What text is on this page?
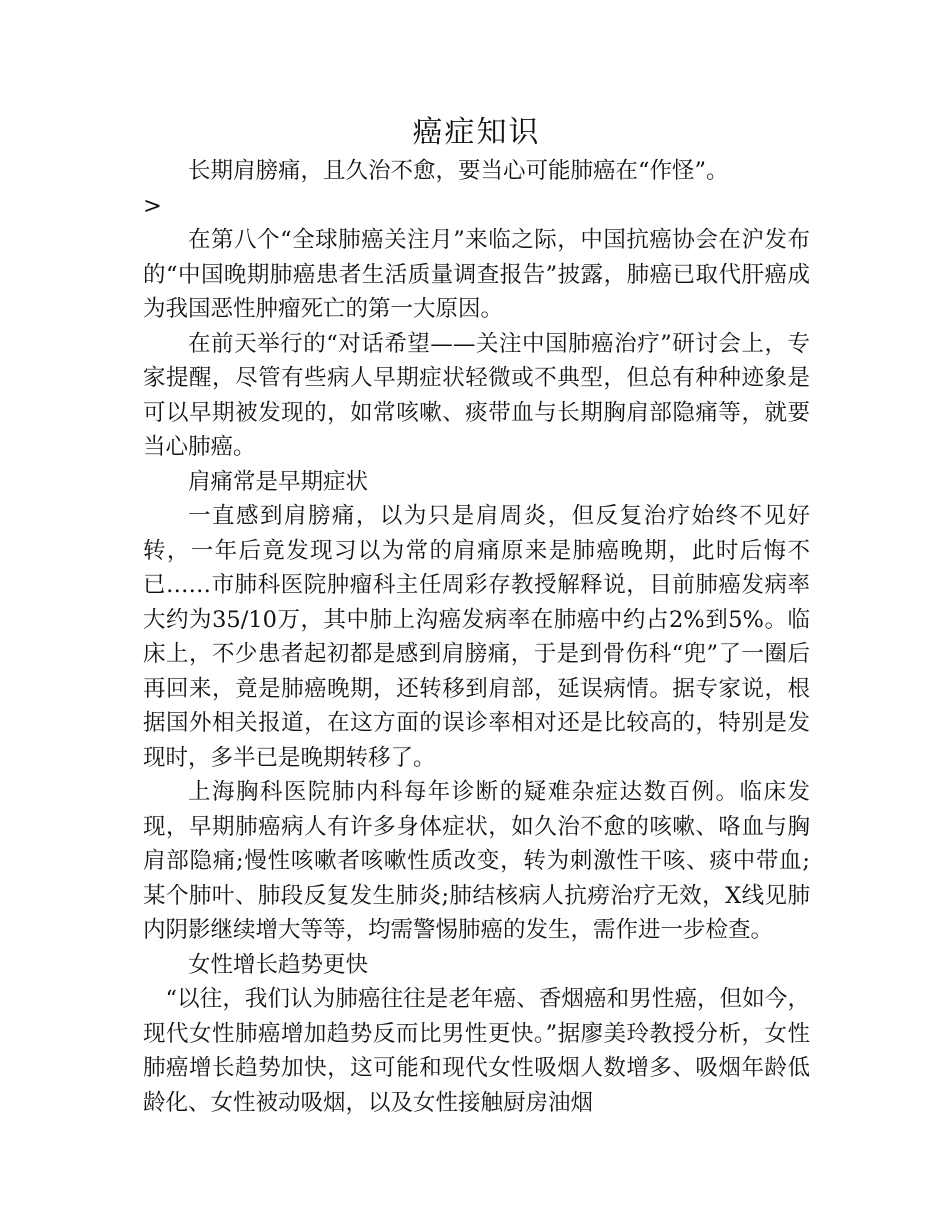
癌症知识

长期肩膀痛，且久治不愈，要当心可能肺癌在“作怪”。

>

在第八个“全球肺癌关注月”来临之际，中国抗癌协会在沪发布的“中国晚期肺癌患者生活质量调查报告”披露，肺癌已取代肝癌成为我国恶性肿瘤死亡的第一大原因。

在前天举行的“对话希望——关注中国肺癌治疗”研讨会上，专家提醒，尽管有些病人早期症状轻微或不典型，但总有种种迹象是可以早期被发现的，如常咳嗽、痰带血与长期胸肩部隐痛等，就要当心肺癌。

肩痛常是早期症状

一直感到肩膀痛，以为只是肩周炎，但反复治疗始终不见好转，一年后竟发现习以为常的肩痛原来是肺癌晚期，此时后悔不已……市肺科医院肿瘤科主任周彩存教授解释说，目前肺癌发病率大约为35/10万，其中肺上沟癌发病率在肺癌中约占2%到5%。临床上，不少患者起初都是感到肩膀痛，于是到骨伤科“兜”了一圈后再回来，竟是肺癌晚期，还转移到肩部，延误病情。据专家说，根据国外相关报道，在这方面的误诊率相对还是比较高的，特别是发现时，多半已是晚期转移了。

上海胸科医院肺内科每年诊断的疑难杂症达数百例。临床发现，早期肺癌病人有许多身体症状，如久治不愈的咳嗽、咯血与胸肩部隐痛;慢性咳嗽者咳嗽性质改变，转为刺激性干咳、痰中带血;某个肺叶、肺段反复发生肺炎;肺结核病人抗痨治疗无效，X线见肺内阴影继续增大等等，均需警惕肺癌的发生，需作进一步检查。

女性增长趋势更快

“以往，我们认为肺癌往往是老年癌、香烟癌和男性癌，但如今，现代女性肺癌增加趋势反而比男性更快。”据廖美玲教授分析，女性肺癌增长趋势加快，这可能和现代女性吸烟人数增多、吸烟年龄低龄化、女性被动吸烟，以及女性接触厨房油烟
